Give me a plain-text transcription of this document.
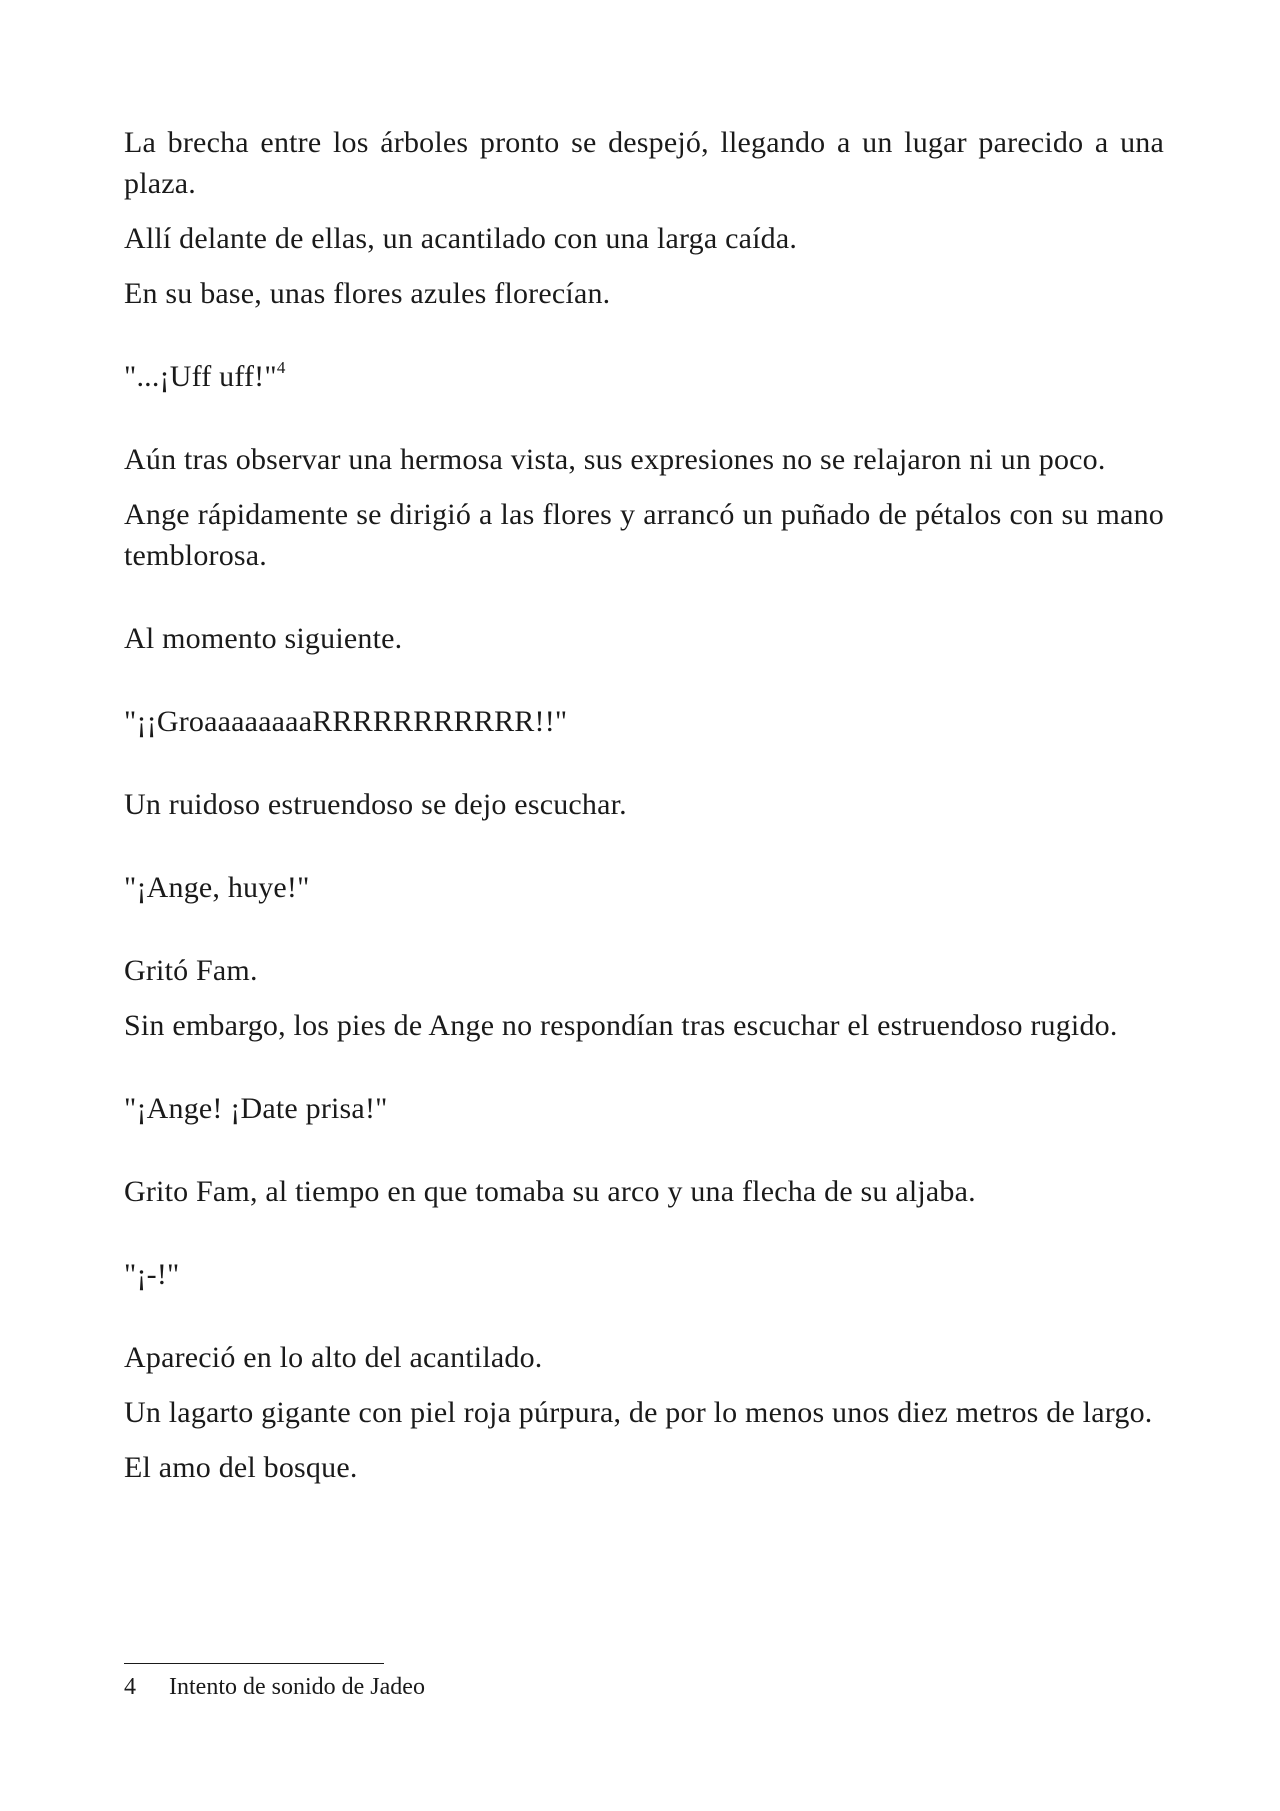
La brecha entre los árboles pronto se despejó, llegando a un lugar parecido a una plaza.

Allí delante de ellas, un acantilado con una larga caída.

En su base, unas flores azules florecían.

"...¡Uff uff!"$^4$

Aún tras observar una hermosa vista, sus expresiones no se relajaron ni un poco.

Ange rápidamente se dirigió a las flores y arrancó un puñado de pétalos con su mano temblorosa.

Al momento siguiente.

"¡¡GroaaaaaaaaRRRRRRRRRRR!!"

Un ruidoso estruendoso se dejo escuchar.

"¡Ange, huye!"

Gritó Fam.

Sin embargo, los pies de Ange no respondían tras escuchar el estruendoso rugido.

"¡Ange! ¡Date prisa!"

Grito Fam, al tiempo en que tomaba su arco y una flecha de su aljaba.

"¡-!"

Apareció en lo alto del acantilado.

Un lagarto gigante con piel roja púrpura, de por lo menos unos diez metros de largo.

El amo del bosque.

4 Intento de sonido de Jadeo
